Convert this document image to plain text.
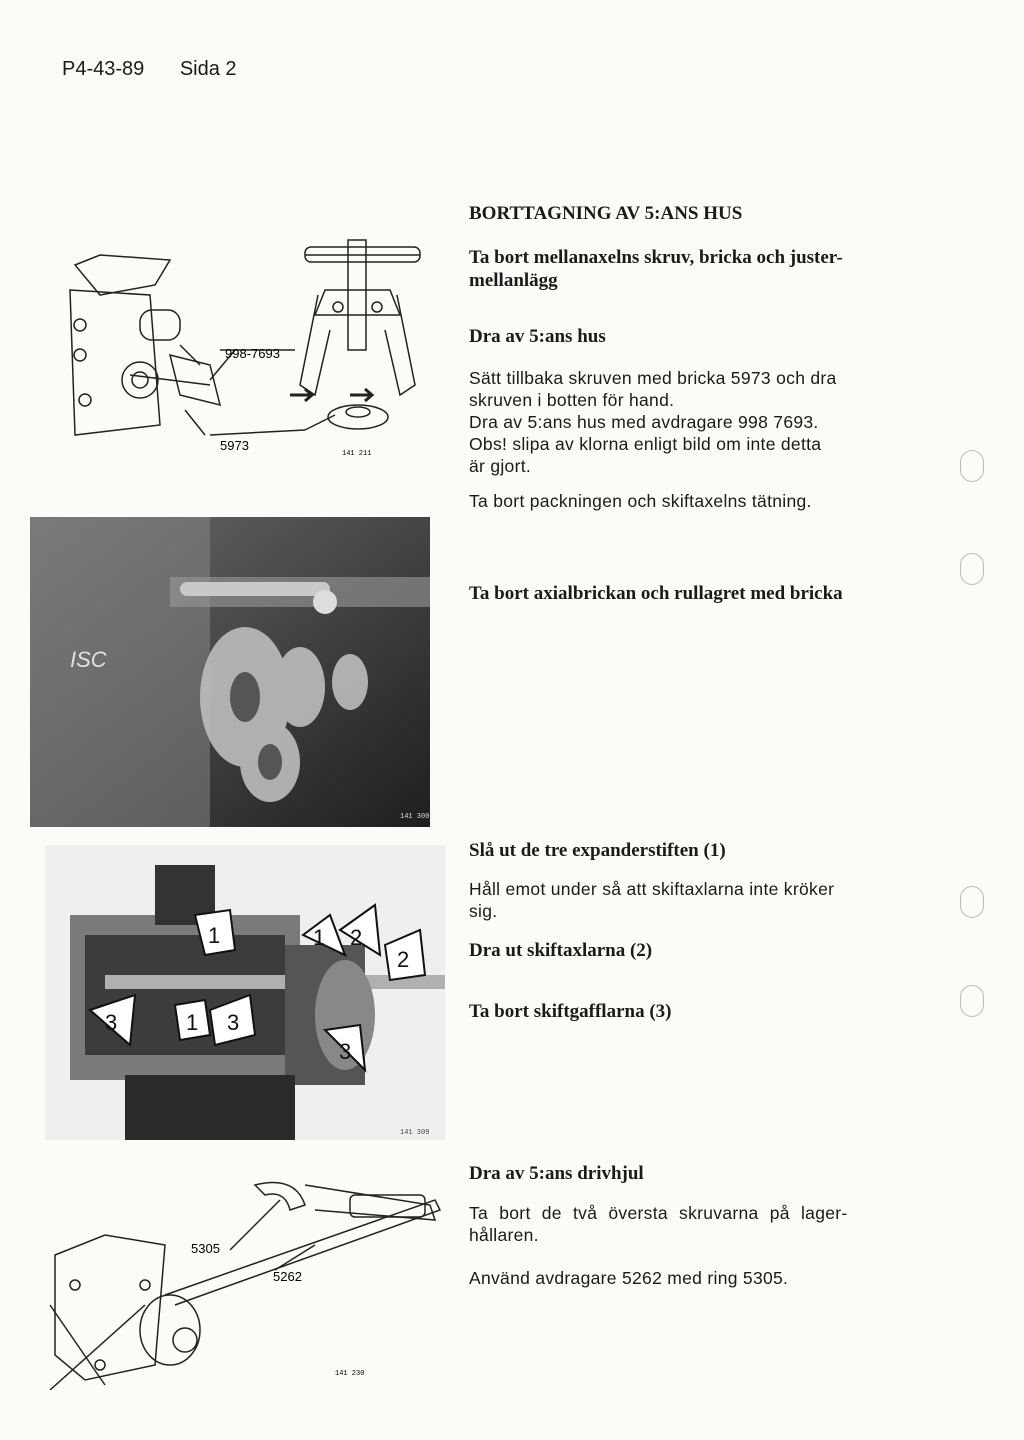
P4-43-89 Sida 2
998-7693
5973
141 211
BORTTAGNING AV 5:ANS HUS
Ta bort mellanaxelns skruv, bricka och juster-
mellanlägg
Dra av 5:ans hus
Sätt tillbaka skruven med bricka 5973 och dra
skruven i botten för hand.
Dra av 5:ans hus med avdragare 998 7693.
Obs! slipa av klorna enligt bild om inte detta
är gjort.
Ta bort packningen och skiftaxelns tätning.
ISC
141 300
Ta bort axialbrickan och rullagret med bricka
1	2
2
1
1
3	3
3
141 309
Slå ut de tre expanderstiften (1)
Håll emot under så att skiftaxlarna inte kröker
sig.
Dra ut skiftaxlarna (2)
Ta bort skiftgafflarna (3)
5305
5262
141 230
Dra av 5:ans drivhjul
Ta bort de två översta skruvarna på lager-
hållaren.
Använd avdragare 5262 med ring 5305.
